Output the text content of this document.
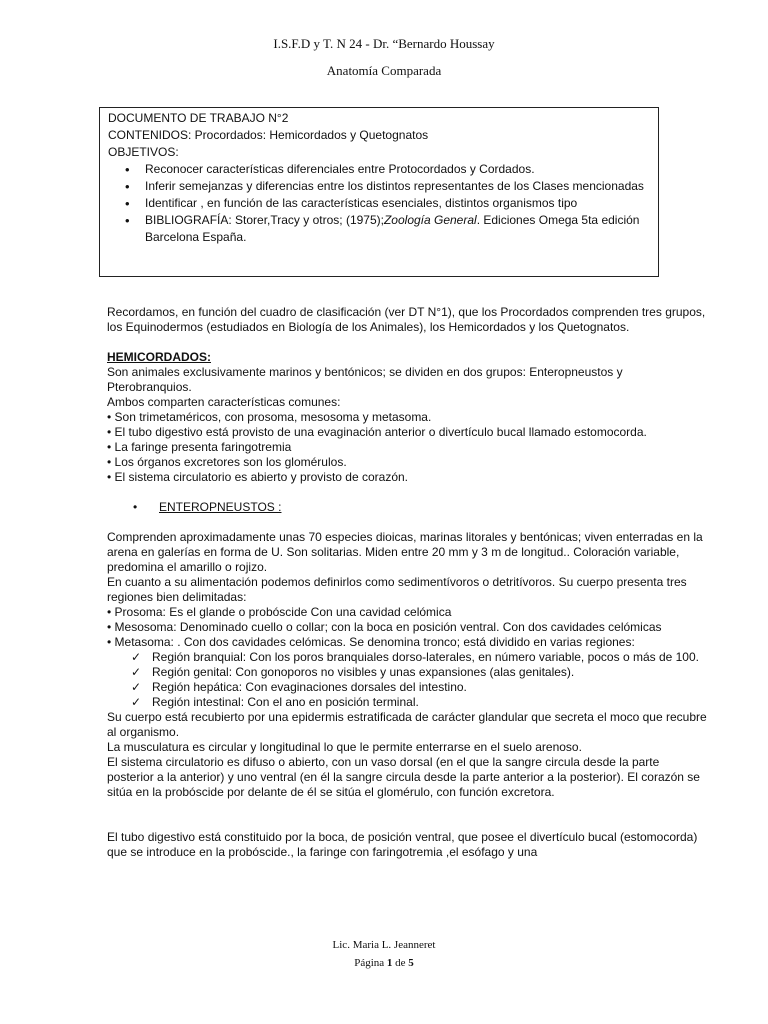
I.S.F.D y T. N 24 - Dr. “Bernardo Houssay
Anatomía Comparada
DOCUMENTO DE TRABAJO N°2
CONTENIDOS: Procordados: Hemicordados y Quetognatos
OBJETIVOS:
• Reconocer características diferenciales entre Protocordados y Cordados.
• Inferir semejanzas y diferencias entre los distintos representantes de los Clases mencionadas
• Identificar , en función de las características esenciales, distintos organismos tipo
• BIBLIOGRAFÍA: Storer,Tracy y otros; (1975);Zoología General. Ediciones Omega 5ta edición Barcelona España.

Recordamos, en función del cuadro de clasificación (ver DT N°1), que los Procordados comprenden tres grupos, los Equinodermos (estudiados en Biología de los Animales), los Hemicordados y los Quetognatos.

HEMICORDADOS:

Son animales exclusivamente marinos y bentónicos; se dividen en dos grupos: Enteropneustos y Pterobranquios.

Ambos comparten características comunes:

• Son trimetaméricos, con prosoma, mesosoma y metasoma.

• El tubo digestivo está provisto de una evaginación anterior o divertículo bucal llamado estomocorda.

• La faringe presenta faringotremia

• Los órganos excretores son los glomérulos.

• El sistema circulatorio es abierto y provisto de corazón.

• ENTEROPNEUSTOS :

Comprenden aproximadamente unas 70 especies dioicas, marinas litorales y bentónicas; viven enterradas en la arena en galerías en forma de U. Son solitarias. Miden entre 20 mm y 3 m de longitud.. Coloración variable, predomina el amarillo o rojizo.

En cuanto a su alimentación podemos definirlos como sedimentívoros o detritívoros. Su cuerpo presenta tres regiones bien delimitadas:

• Prosoma: Es el glande o probóscide Con una cavidad celómica

• Mesosoma: Denominado cuello o collar; con la boca en posición ventral. Con dos cavidades celómicas

• Metasoma: . Con dos cavidades celómicas. Se denomina tronco; está dividido en varias regiones:

✓ Región branquial: Con los poros branquiales dorso-laterales, en número variable, pocos o más de 100.
✓ Región genital: Con gonoporos no visibles y unas expansiones (alas genitales).
✓ Región hepática: Con evaginaciones dorsales del intestino.
✓ Región intestinal: Con el ano en posición terminal.

Su cuerpo está recubierto por una epidermis estratificada de carácter glandular que secreta el moco que recubre al organismo.

La musculatura es circular y longitudinal lo que le permite enterrarse en el suelo arenoso.

El sistema circulatorio es difuso o abierto, con un vaso dorsal (en el que la sangre circula desde la parte posterior a la anterior) y uno ventral (en él la sangre circula desde la parte anterior a la posterior). El corazón se sitúa en la probóscide por delante de él se sitúa el glomérulo, con función excretora.

El tubo digestivo está constituido por la boca, de posición ventral, que posee el divertículo bucal (estomocorda) que se introduce en la probóscide., la faringe con faringotremia ,el esófago y una

Lic. Maria L. Jeanneret
Página 1 de 5
